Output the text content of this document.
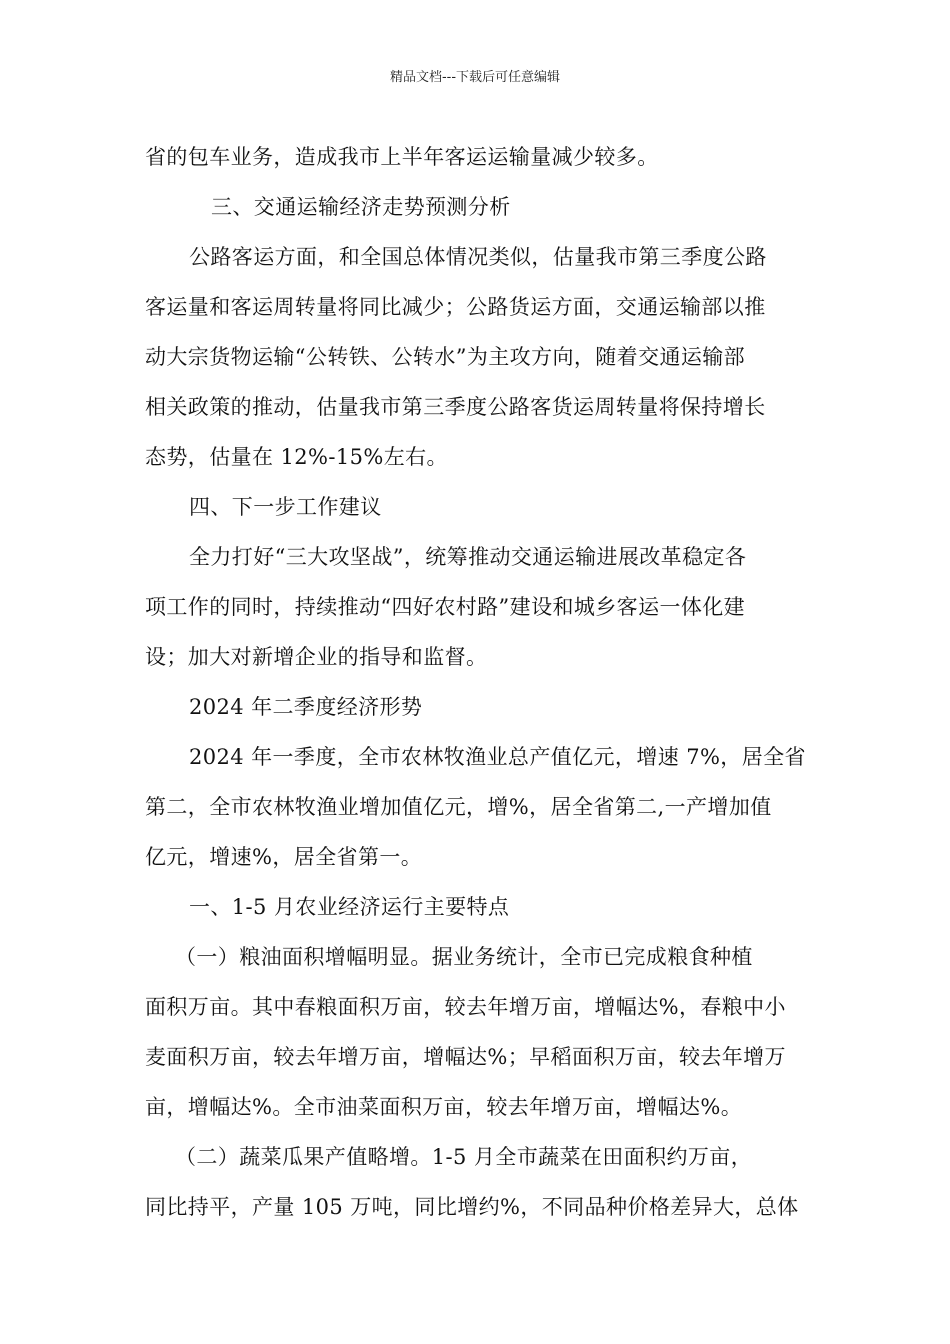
精品文档---下载后可任意编辑
省的包车业务，造成我市上半年客运运输量减少较多。
三、交通运输经济走势预测分析
公路客运方面，和全国总体情况类似，估量我市第三季度公路
客运量和客运周转量将同比减少；公路货运方面，交通运输部以推
动大宗货物运输“公转铁、公转水”为主攻方向，随着交通运输部
相关政策的推动，估量我市第三季度公路客货运周转量将保持增长
态势，估量在 12%-15%左右。
四、下一步工作建议
全力打好“三大攻坚战”，统筹推动交通运输进展改革稳定各
项工作的同时，持续推动“四好农村路”建设和城乡客运一体化建
设；加大对新增企业的指导和监督。
2024 年二季度经济形势
2024 年一季度，全市农林牧渔业总产值亿元，增速 7%，居全省
第二，全市农林牧渔业增加值亿元，增%，居全省第二,一产增加值
亿元，增速%，居全省第一。
一、1-5 月农业经济运行主要特点
（一）粮油面积增幅明显。据业务统计，全市已完成粮食种植
面积万亩。其中春粮面积万亩，较去年增万亩，增幅达%，春粮中小
麦面积万亩，较去年增万亩，增幅达%；早稻面积万亩，较去年增万
亩，增幅达%。全市油菜面积万亩，较去年增万亩，增幅达%。
（二）蔬菜瓜果产值略增。1-5 月全市蔬菜在田面积约万亩，
同比持平，产量 105 万吨，同比增约%，不同品种价格差异大，总体
